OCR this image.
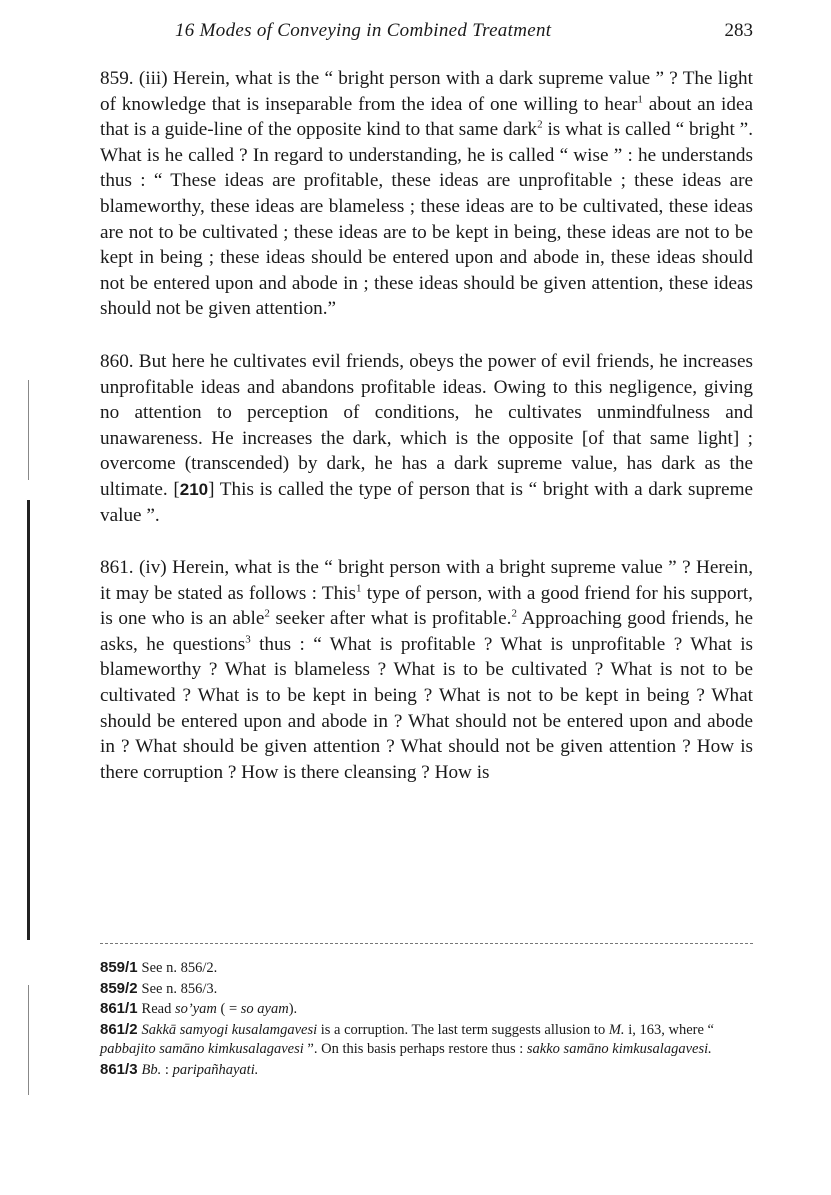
16 Modes of Conveying in Combined Treatment	283

859. (iii) Herein, what is the “ bright person with a dark supreme value ” ? The light of knowledge that is inseparable from the idea of one willing to hear$^1$ about an idea that is a guide-line of the opposite kind to that same dark$^2$ is what is called “ bright ”. What is he called ? In regard to understanding, he is called “ wise ” : he understands thus : “ These ideas are profitable, these ideas are unprofitable ; these ideas are blameworthy, these ideas are blameless ; these ideas are to be cultivated, these ideas are not to be cultivated ; these ideas are to be kept in being, these ideas are not to be kept in being ; these ideas should be entered upon and abode in, these ideas should not be entered upon and abode in ; these ideas should be given attention, these ideas should not be given attention.”

860. But here he cultivates evil friends, obeys the power of evil friends, he increases unprofitable ideas and abandons profitable ideas. Owing to this negligence, giving no attention to perception of conditions, he cultivates unmindfulness and unawareness. He increases the dark, which is the opposite [of that same light] ; overcome (transcended) by dark, he has a dark supreme value, has dark as the ultimate. [210] This is called the type of person that is “ bright with a dark supreme value ”.

861. (iv) Herein, what is the “ bright person with a bright supreme value ” ? Herein, it may be stated as follows : This$^1$ type of person, with a good friend for his support, is one who is an able$^2$ seeker after what is profitable.$^2$ Approaching good friends, he asks, he questions$^3$ thus : “ What is profitable ? What is unprofitable ? What is blameworthy ? What is blameless ? What is to be cultivated ? What is not to be cultivated ? What is to be kept in being ? What is not to be kept in being ? What should be entered upon and abode in ? What should not be entered upon and abode in ? What should be given attention ? What should not be given attention ? How is there corruption ? How is there cleansing ? How is

859/1 See n. 856/2.

859/2 See n. 856/3.

861/1 Read so’yam ( = so ayam).

861/2 Sakkā samyogi kusalamgavesi is a corruption. The last term suggests allusion to M. i, 163, where “ pabbajito samāno kimkusalagavesi ”. On this basis perhaps restore thus : sakko samāno kimkusalagavesi.

861/3 Bb. : paripañhayati.
